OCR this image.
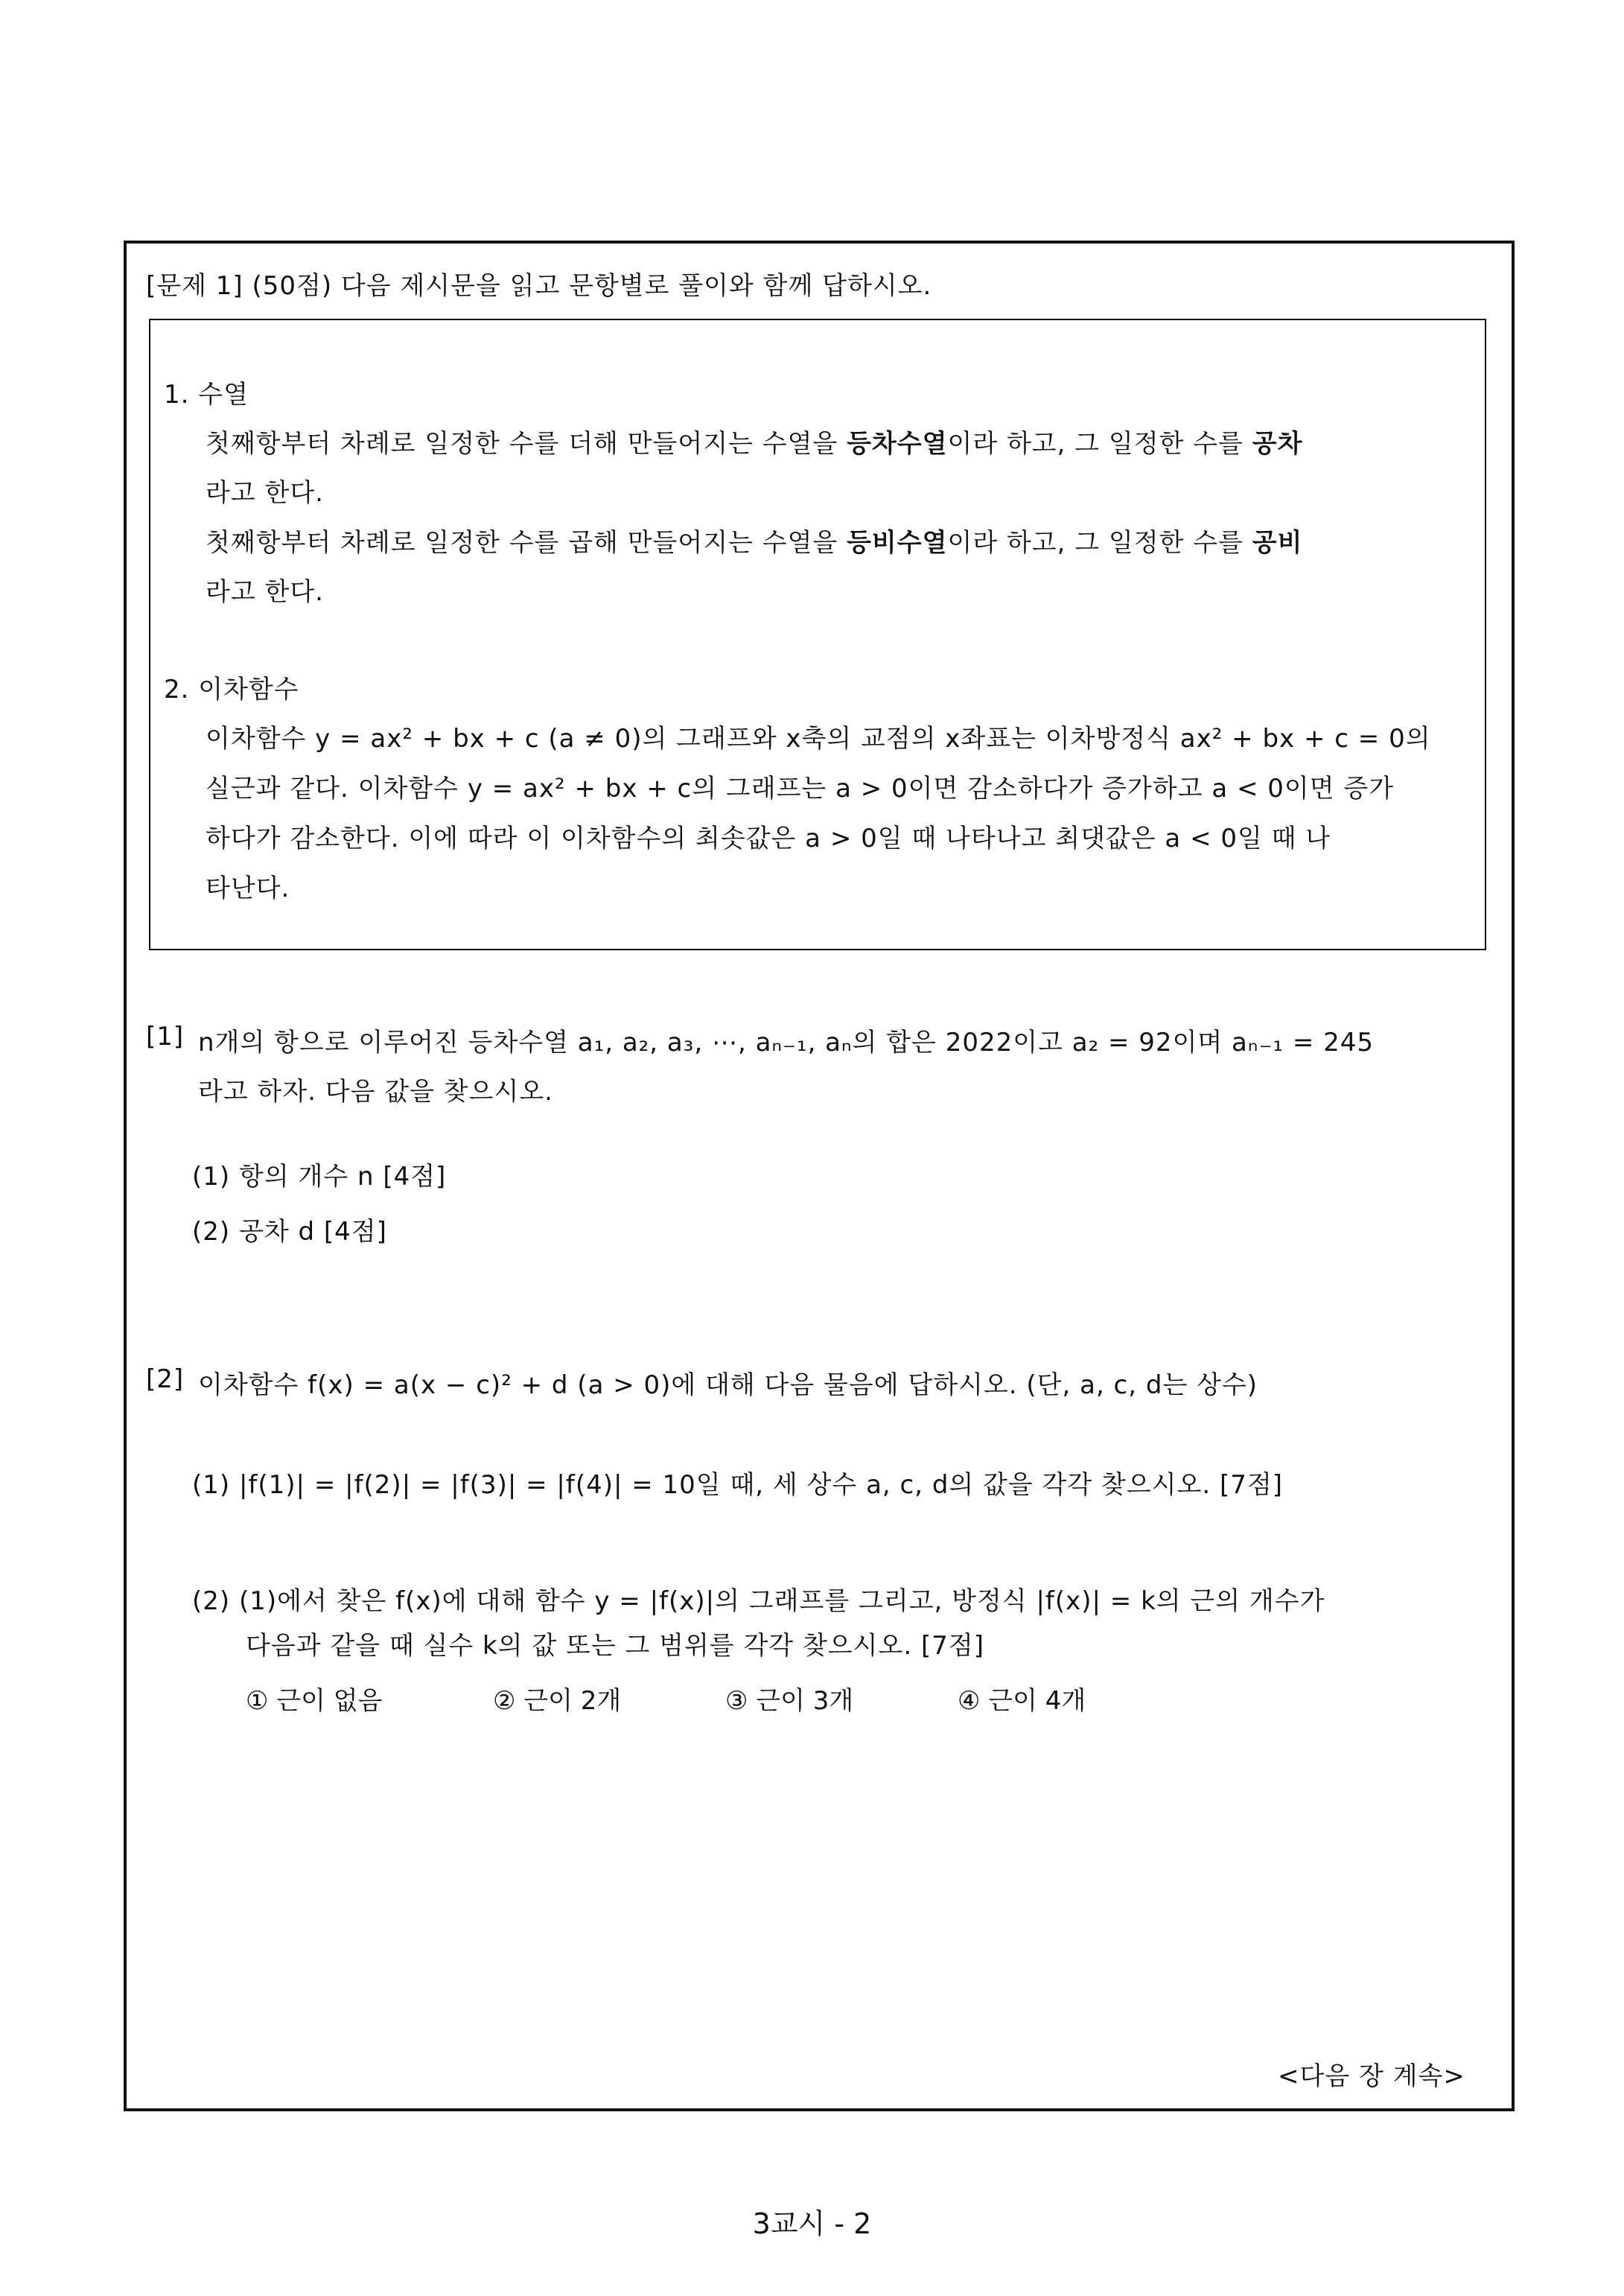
[문제 1] (50점) 다음 제시문을 읽고 문항별로 풀이와 함께 답하시오.
1. 수열
첫째항부터 차례로 일정한 수를 더해 만들어지는 수열을 등차수열이라 하고, 그 일정한 수를 공차
라고 한다.
첫째항부터 차례로 일정한 수를 곱해 만들어지는 수열을 등비수열이라 하고, 그 일정한 수를 공비
라고 한다.
2. 이차함수
이차함수 y = ax² + bx + c (a ≠ 0)의 그래프와 x축의 교점의 x좌표는 이차방정식 ax² + bx + c = 0의
실근과 같다. 이차함수 y = ax² + bx + c의 그래프는 a > 0이면 감소하다가 증가하고 a < 0이면 증가
하다가 감소한다. 이에 따라 이 이차함수의 최솟값은 a > 0일 때 나타나고 최댓값은 a < 0일 때 나
타난다.
[1] n개의 항으로 이루어진 등차수열 a₁, a₂, a₃, ⋯, aₙ₋₁, aₙ의 합은 2022이고 a₂ = 92이며 aₙ₋₁ = 245
라고 하자. 다음 값을 찾으시오.
(1) 항의 개수 n [4점]
(2) 공차 d [4점]
[2] 이차함수 f(x) = a(x − c)² + d (a > 0)에 대해 다음 물음에 답하시오. (단, a, c, d는 상수)
(1) |f(1)| = |f(2)| = |f(3)| = |f(4)| = 10일 때, 세 상수 a, c, d의 값을 각각 찾으시오. [7점]
(2) (1)에서 찾은 f(x)에 대해 함수 y = |f(x)|의 그래프를 그리고, 방정식 |f(x)| = k의 근의 개수가
다음과 같을 때 실수 k의 값 또는 그 범위를 각각 찾으시오. [7점]
① 근이 없음	② 근이 2개	③ 근이 3개	④ 근이 4개
<다음 장 계속>
3교시 - 2
